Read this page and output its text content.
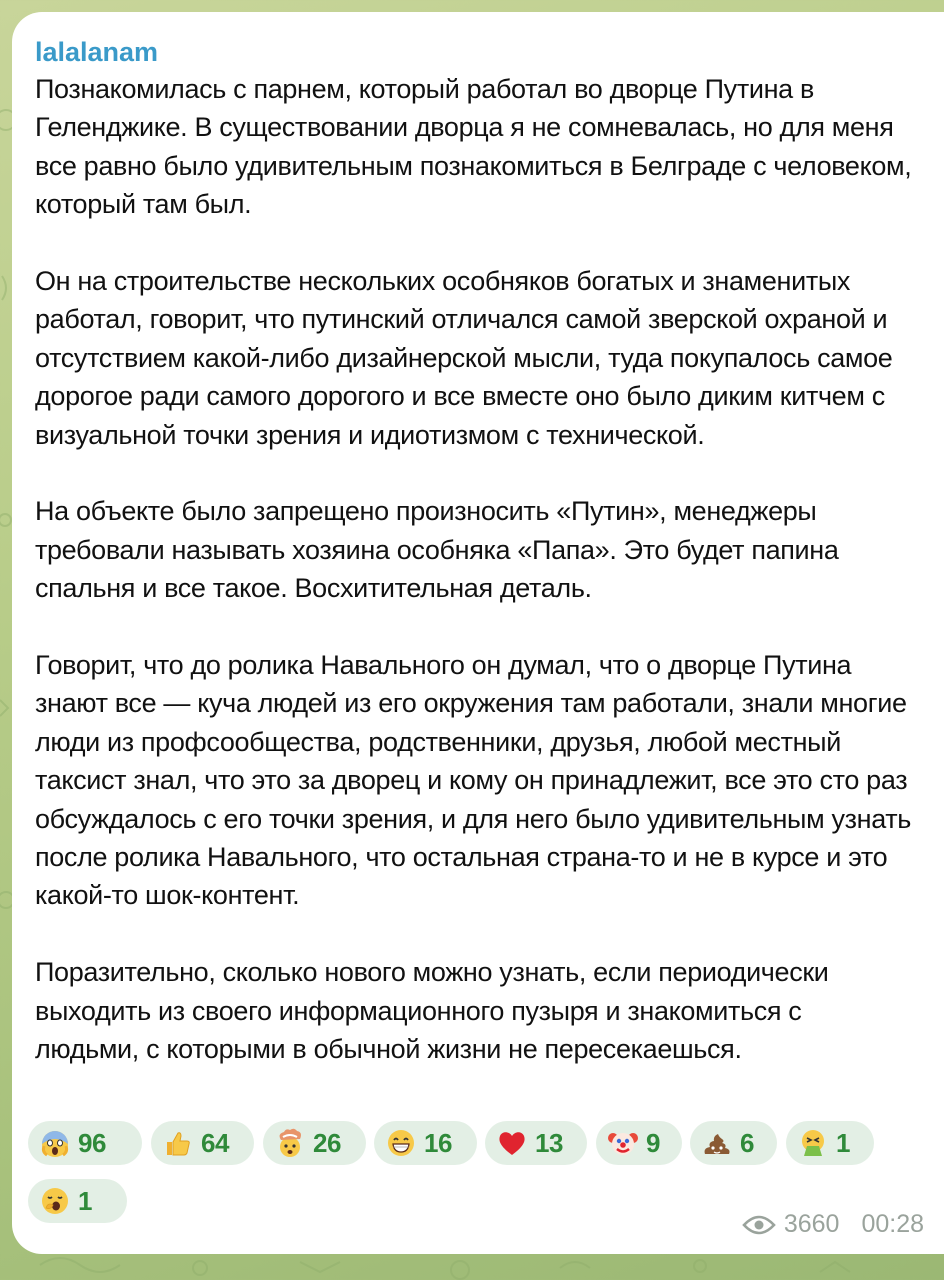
lalalanam

Познакомилась с парнем, который работал во дворце Путина в Геленджике. В существовании дворца я не сомневалась, но для меня все равно было удивительным познакомиться в Белграде с человеком, который там был.

Он на строительстве нескольких особняков богатых и знаменитых работал, говорит, что путинский отличался самой зверской охраной и отсутствием какой-либо дизайнерской мысли, туда покупалось самое дорогое ради самого дорогого и все вместе оно было диким китчем с визуальной точки зрения и идиотизмом с технической.

На объекте было запрещено произносить «Путин», менеджеры требовали называть хозяина особняка «Папа». Это будет папина спальня и все такое. Восхитительная деталь.

Говорит, что до ролика Навального он думал, что о дворце Путина знают все — куча людей из его окружения там работали, знали многие люди из профсообщества, родственники, друзья, любой местный таксист знал, что это за дворец и кому он принадлежит, все это сто раз обсуждалось с его точки зрения, и для него было удивительным узнать после ролика Навального, что остальная страна-то и не в курсе и это какой-то шок-контент.

Поразительно, сколько нового можно узнать, если периодически выходить из своего информационного пузыря и знакомиться с людьми, с которыми в обычной жизни не пересекаешься.

96	64	26	16	13	9	6	1
1
3660 00:28
